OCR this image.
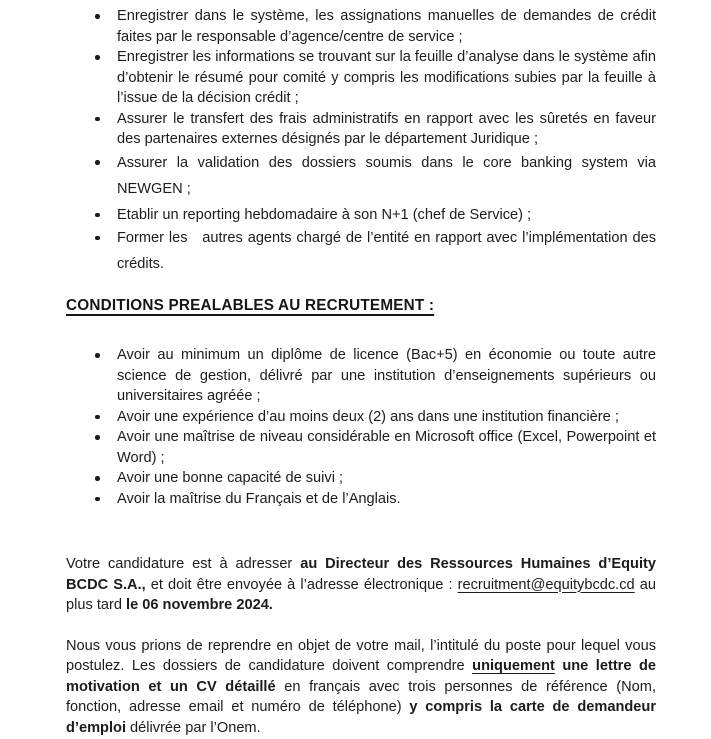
Enregistrer dans le système, les assignations manuelles de demandes de crédit faites par le responsable d’agence/centre de service ;
Enregistrer les informations se trouvant sur la feuille d’analyse dans le système afin d’obtenir le résumé pour comité y compris les modifications subies par la feuille à l’issue de la décision crédit ;
Assurer le transfert des frais administratifs en rapport avec les sûretés en faveur des partenaires externes désignés par le département Juridique ;
Assurer la validation des dossiers soumis dans le core banking system via NEWGEN ;
Etablir un reporting hebdomadaire à son N+1 (chef de Service) ;
Former les   autres agents chargé de l’entité en rapport avec l’implémentation des crédits.
CONDITIONS PREALABLES AU RECRUTEMENT :
Avoir au minimum un diplôme de licence (Bac+5) en économie ou toute autre science de gestion, délivré par une institution d’enseignements supérieurs ou universitaires agréée ;
Avoir une expérience d’au moins deux (2) ans dans une institution financière ;
Avoir une maîtrise de niveau considérable en Microsoft office (Excel, Powerpoint et Word) ;
Avoir une bonne capacité de suivi ;
Avoir la maîtrise du Français et de l’Anglais.

Votre candidature est à adresser au Directeur des Ressources Humaines d’Equity BCDC S.A., et doit être envoyée à l’adresse électronique : recruitment@equitybcdc.cd au plus tard le 06 novembre 2024.

Nous vous prions de reprendre en objet de votre mail, l’intitulé du poste pour lequel vous postulez. Les dossiers de candidature doivent comprendre uniquement une lettre de motivation et un CV détaillé en français avec trois personnes de référence (Nom, fonction, adresse email et numéro de téléphone) y compris la carte de demandeur d’emploi délivrée par l’Onem.
